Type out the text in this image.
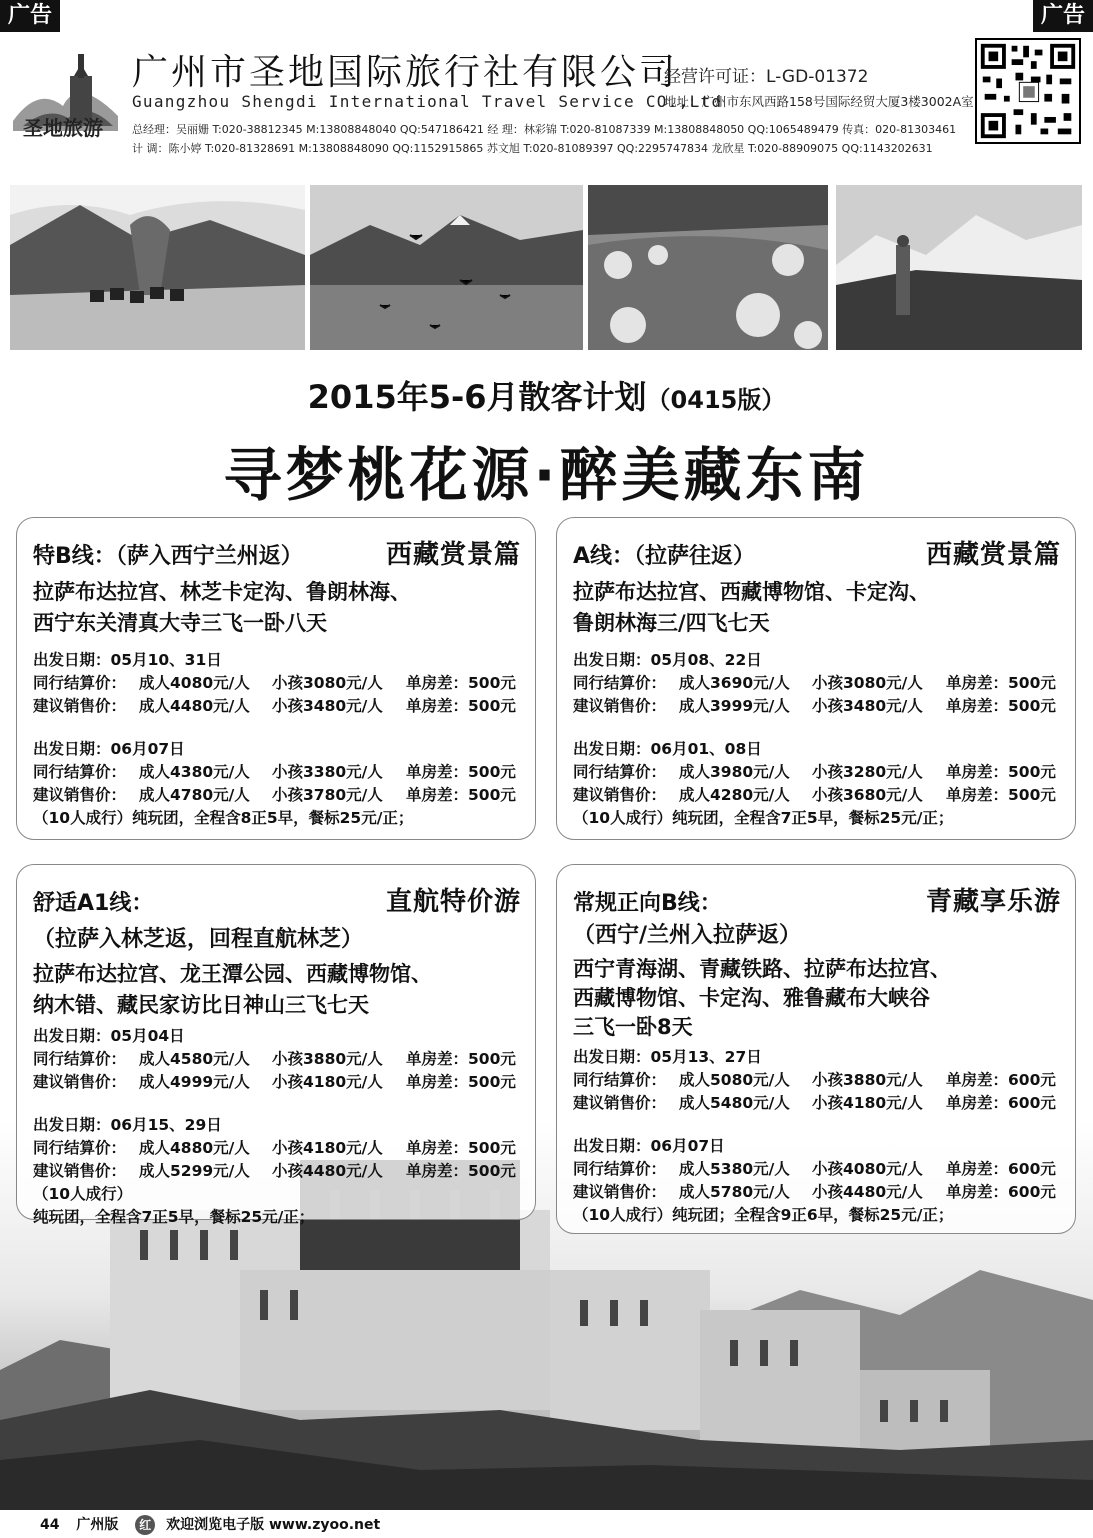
广告	广告
圣地旅游
广州市圣地国际旅行社有限公司
Guangzhou Shengdi International Travel Service CO.,Ltd
经营许可证：L-GD-01372
地址：广州市东风西路158号国际经贸大厦3楼3002A室
总经理：吴丽姗 T:020-38812345 M:13808848040 QQ:547186421 经 理：林彩锦 T:020-81087339 M:13808848050 QQ:1065489479 传真：020-81303461
计 调：陈小婷 T:020-81328691 M:13808848090 QQ:1152915865 苏文旭 T:020-81089397 QQ:2295747834 龙欣星 T:020-88909075 QQ:1143202631
2015年5-6月散客计划（0415版）
寻梦桃花源·醉美藏东南
特B线：（萨入西宁兰州返）	西藏赏景篇
拉萨布达拉宫、林芝卡定沟、鲁朗林海、
西宁东关清真大寺三飞一卧八天
出发日期：05月10、31日
同行结算价： 成人4080元/人	小孩3080元/人	单房差：500元
建议销售价： 成人4480元/人	小孩3480元/人	单房差：500元
出发日期：06月07日
同行结算价： 成人4380元/人	小孩3380元/人	单房差：500元
建议销售价： 成人4780元/人	小孩3780元/人	单房差：500元
（10人成行）纯玩团，全程含8正5早，餐标25元/正；
A线：（拉萨往返）	西藏赏景篇
拉萨布达拉宫、西藏博物馆、卡定沟、
鲁朗林海三/四飞七天
出发日期：05月08、22日
同行结算价： 成人3690元/人	小孩3080元/人	单房差：500元
建议销售价： 成人3999元/人	小孩3480元/人	单房差：500元
出发日期：06月01、08日
同行结算价： 成人3980元/人	小孩3280元/人	单房差：500元
建议销售价： 成人4280元/人	小孩3680元/人	单房差：500元
（10人成行）纯玩团，全程含7正5早，餐标25元/正；
舒适A1线：	直航特价游
（拉萨入林芝返，回程直航林芝）
拉萨布达拉宫、龙王潭公园、西藏博物馆、
纳木错、藏民家访比日神山三飞七天
出发日期：05月04日
同行结算价： 成人4580元/人	小孩3880元/人	单房差：500元
建议销售价： 成人4999元/人	小孩4180元/人	单房差：500元
出发日期：06月15、29日
同行结算价： 成人4880元/人	小孩4180元/人	单房差：500元
建议销售价： 成人5299元/人	小孩4480元/人	单房差：500元
（10人成行）
纯玩团，全程含7正5早，餐标25元/正；
常规正向B线：	青藏享乐游
（西宁/兰州入拉萨返）
西宁青海湖、青藏铁路、拉萨布达拉宫、
西藏博物馆、卡定沟、雅鲁藏布大峡谷
三飞一卧8天
出发日期：05月13、27日
同行结算价： 成人5080元/人	小孩3880元/人	单房差：600元
建议销售价： 成人5480元/人	小孩4180元/人	单房差：600元
出发日期：06月07日
同行结算价： 成人5380元/人	小孩4080元/人	单房差：600元
建议销售价： 成人5780元/人	小孩4480元/人	单房差：600元
（10人成行）纯玩团；全程含9正6早，餐标25元/正；
44 广州版 红 欢迎浏览电子版 www.zyoo.net
